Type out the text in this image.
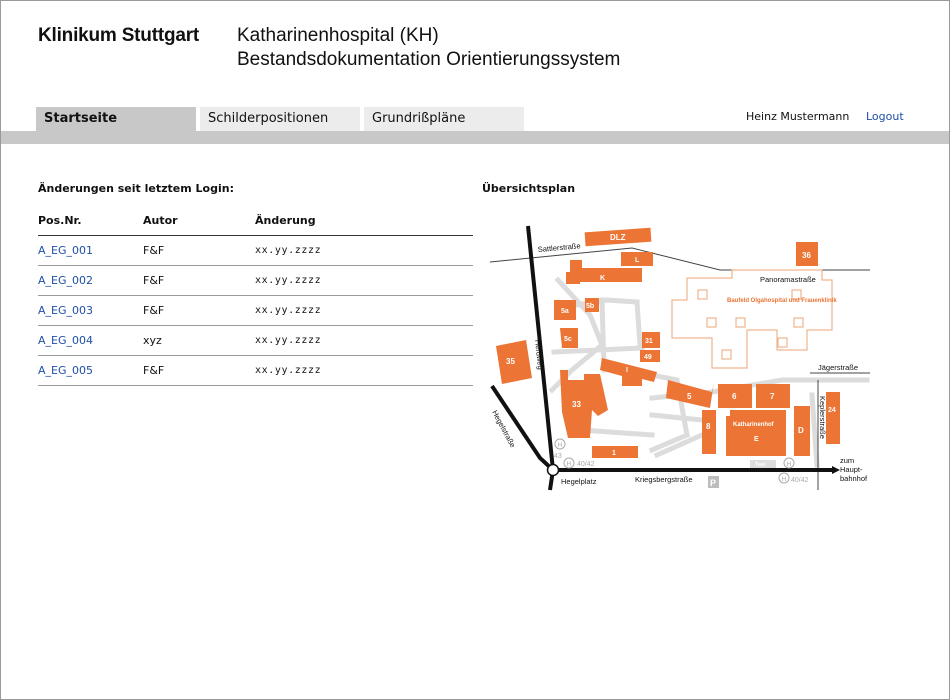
Klinikum Stuttgart Katharinenhospital (KH)
Bestandsdokumentation Orientierungssystem
Startseite	Schilderpositionen	Grundrißpläne	Heinz Mustermann Logout
Änderungen seit letztem Login:
Pos.Nr.	Autor	Änderung
A_EG_001	F&F	xx.yy.zzzz
A_EG_002	F&F	xx.yy.zzzz
A_EG_003	F&F	xx.yy.zzzz
A_EG_004	xyz	xx.yy.zzzz
A_EG_005	F&F	xx.yy.zzzz
Übersichtsplan
Baufeld Olgahospital und Frauenklinik
DLZ
L
K
36
5a
5b
5c	31
49
I
35
33
5	6	7
8	Katharinenhof
E
D
24
1
Taxi
P
Sattlerstraße
Panoramastraße
Herdweg
Hegelstraße
Jägerstraße
Keplerstraße
Hegelplatz	Kriegsbergstraße
zum
Haupt-
bahnhof
H
43
H 40/42	H
H 40/42
